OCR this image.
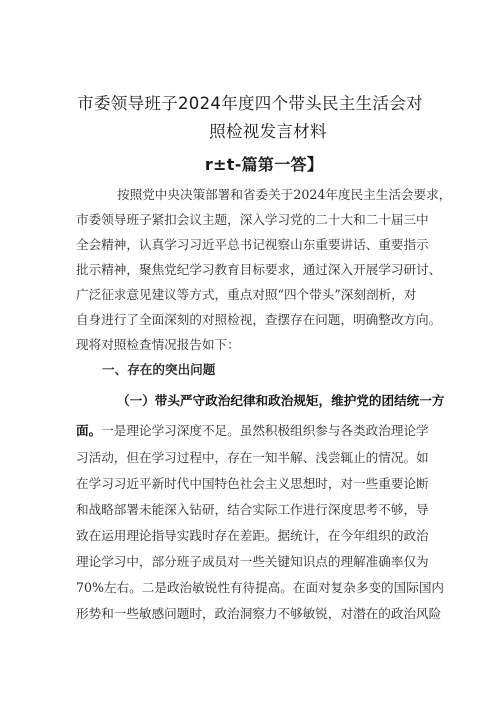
市委领导班子2024年度四个带头民主生活会对
照检视发言材料
r±t-篇第一答】
按照党中央决策部署和省委关于2024年度民主生活会要求，
市委领导班子紧扣会议主题，深入学习党的二十大和二十届三中
全会精神，认真学习习近平总书记视察山东重要讲话、重要指示
批示精神，聚焦党纪学习教育目标要求，通过深入开展学习研讨、
广泛征求意见建议等方式，重点对照“四个带头”深刻剖析，对
自身进行了全面深刻的对照检视，查摆存在问题，明确整改方向。
现将对照检查情况报告如下：
一、存在的突出问题
（一）带头严守政治纪律和政治规矩，维护党的团结统一方
面。一是理论学习深度不足。虽然积极组织参与各类政治理论学
习活动，但在学习过程中，存在一知半解、浅尝辄止的情况。如
在学习习近平新时代中国特色社会主义思想时，对一些重要论断
和战略部署未能深入钻研，结合实际工作进行深度思考不够，导
致在运用理论指导实践时存在差距。据统计，在今年组织的政治
理论学习中，部分班子成员对一些关键知识点的理解准确率仅为
70%左右。二是政治敏锐性有待提高。在面对复杂多变的国际国内
形势和一些敏感问题时，政治洞察力不够敏锐，对潜在的政治风险
